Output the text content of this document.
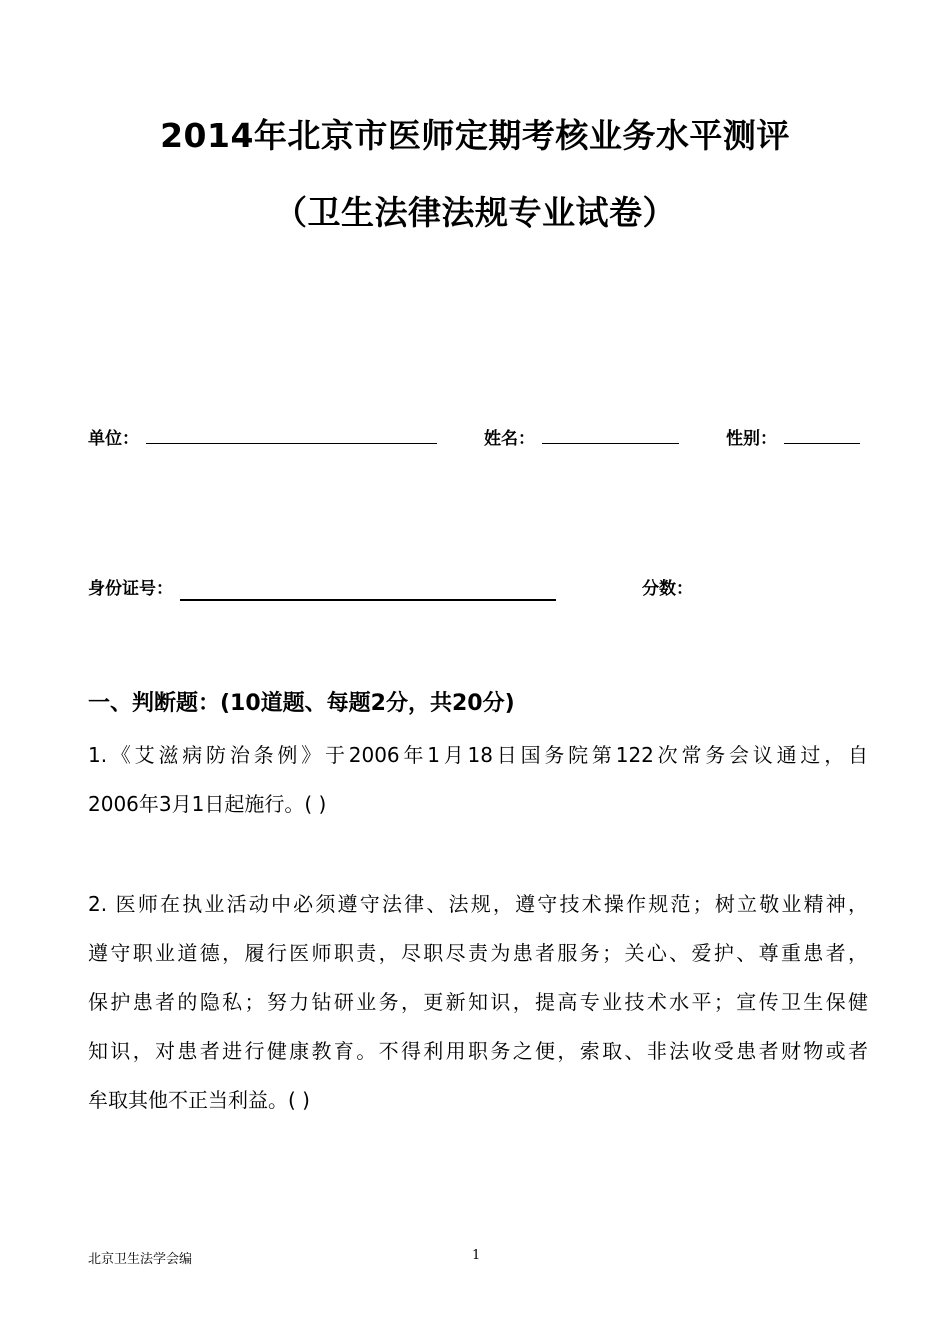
2014年北京市医师定期考核业务水平测评
（卫生法律法规专业试卷）
单位：	姓名：	性别：
身份证号：	分数：
一、判断题：(10道题、每题2分，共20分)
1.《艾滋病防治条例》于2006年1月18日国务院第122次常务会议通过，自
2006年3月1日起施行。( )
2. 医师在执业活动中必须遵守法律、法规，遵守技术操作规范；树立敬业精神，
遵守职业道德，履行医师职责，尽职尽责为患者服务；关心、爱护、尊重患者，
保护患者的隐私；努力钻研业务，更新知识，提高专业技术水平；宣传卫生保健
知识，对患者进行健康教育。不得利用职务之便，索取、非法收受患者财物或者
牟取其他不正当利益。( )
北京卫生法学会编	1
